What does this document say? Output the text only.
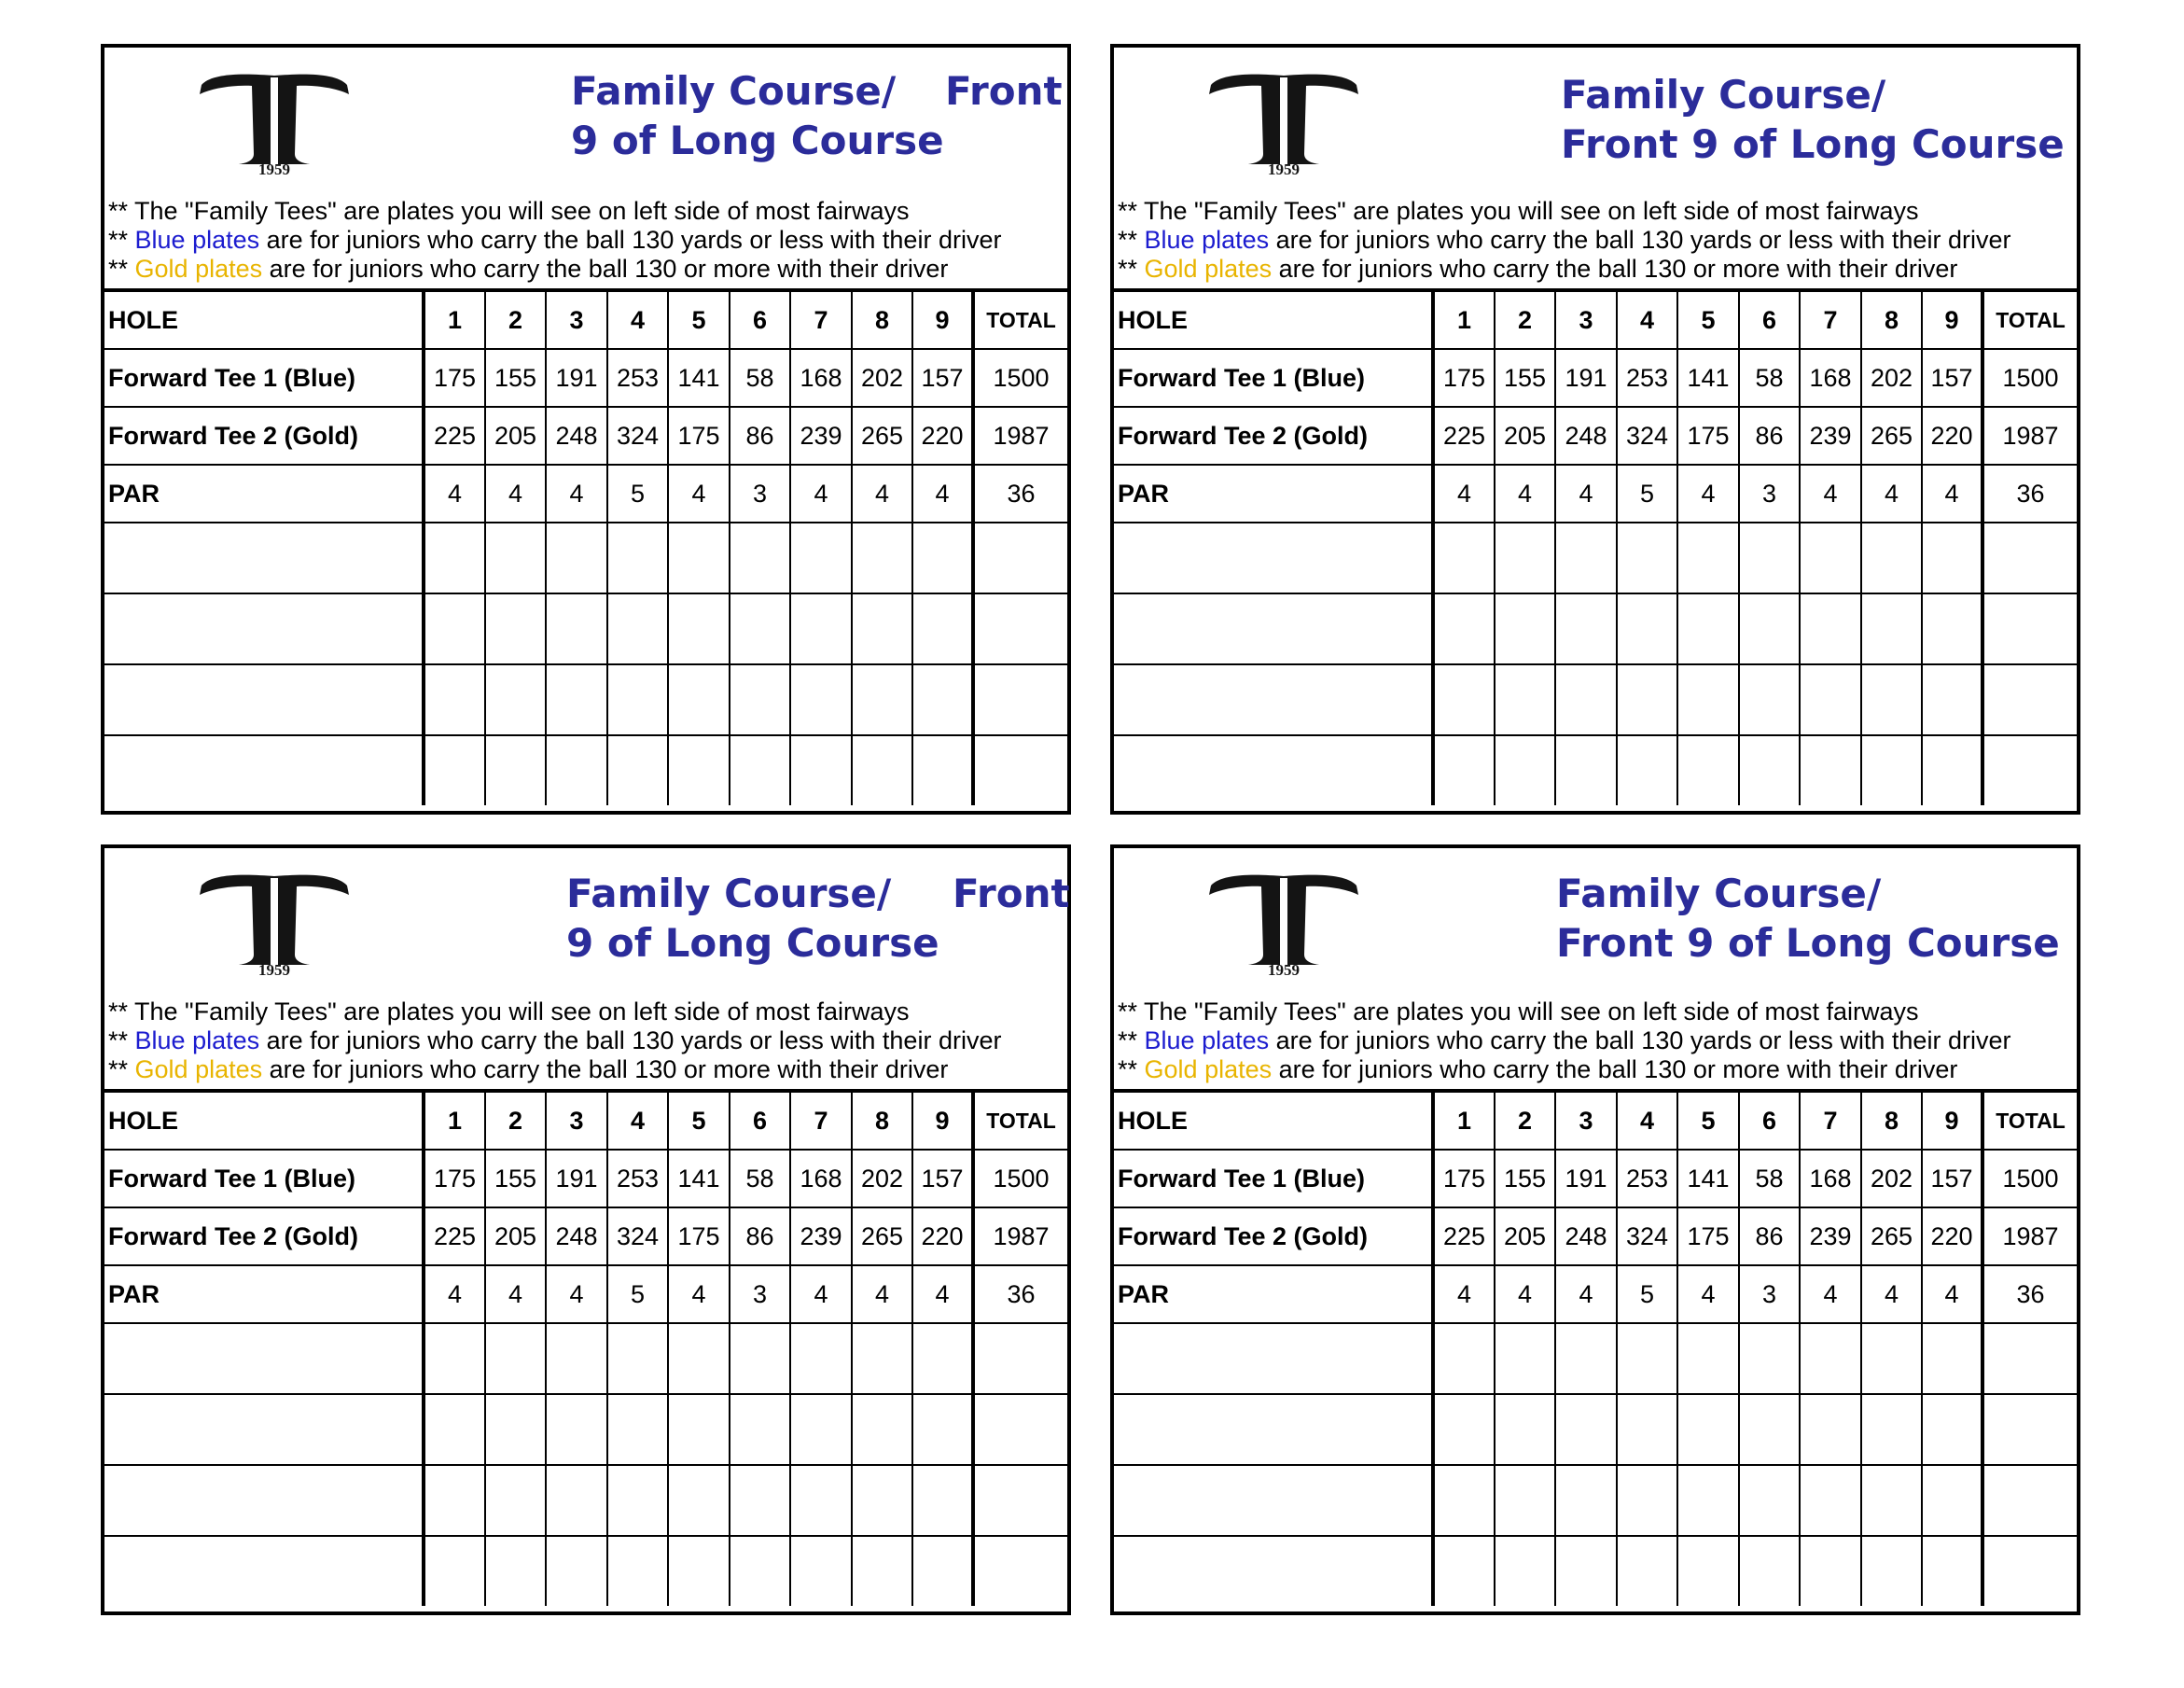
1959
Family Course/	Front
9 of Long Course
** The "Family Tees" are plates you will see on left side of most fairways
** Blue plates are for juniors who carry the ball 130 yards or less with their driver
** Gold plates are for juniors who carry the ball 130 or more with their driver
HOLE	1	2	3	4	5	6	7	8	9	TOTAL
Forward Tee 1 (Blue)	175	155	191	253	141	58	168	202	157	1500
Forward Tee 2 (Gold)	225	205	248	324	175	86	239	265	220	1987
PAR	4	4	4	5	4	3	4	4	4	36

1959
Family Course/
Front 9 of Long Course
** The "Family Tees" are plates you will see on left side of most fairways
** Blue plates are for juniors who carry the ball 130 yards or less with their driver
** Gold plates are for juniors who carry the ball 130 or more with their driver
HOLE	1	2	3	4	5	6	7	8	9	TOTAL
Forward Tee 1 (Blue)	175	155	191	253	141	58	168	202	157	1500
Forward Tee 2 (Gold)	225	205	248	324	175	86	239	265	220	1987
PAR	4	4	4	5	4	3	4	4	4	36

1959
Family Course/	Front
9 of Long Course
** The "Family Tees" are plates you will see on left side of most fairways
** Blue plates are for juniors who carry the ball 130 yards or less with their driver
** Gold plates are for juniors who carry the ball 130 or more with their driver
HOLE	1	2	3	4	5	6	7	8	9	TOTAL
Forward Tee 1 (Blue)	175	155	191	253	141	58	168	202	157	1500
Forward Tee 2 (Gold)	225	205	248	324	175	86	239	265	220	1987
PAR	4	4	4	5	4	3	4	4	4	36

1959
Family Course/
Front 9 of Long Course
** The "Family Tees" are plates you will see on left side of most fairways
** Blue plates are for juniors who carry the ball 130 yards or less with their driver
** Gold plates are for juniors who carry the ball 130 or more with their driver
HOLE	1	2	3	4	5	6	7	8	9	TOTAL
Forward Tee 1 (Blue)	175	155	191	253	141	58	168	202	157	1500
Forward Tee 2 (Gold)	225	205	248	324	175	86	239	265	220	1987
PAR	4	4	4	5	4	3	4	4	4	36
